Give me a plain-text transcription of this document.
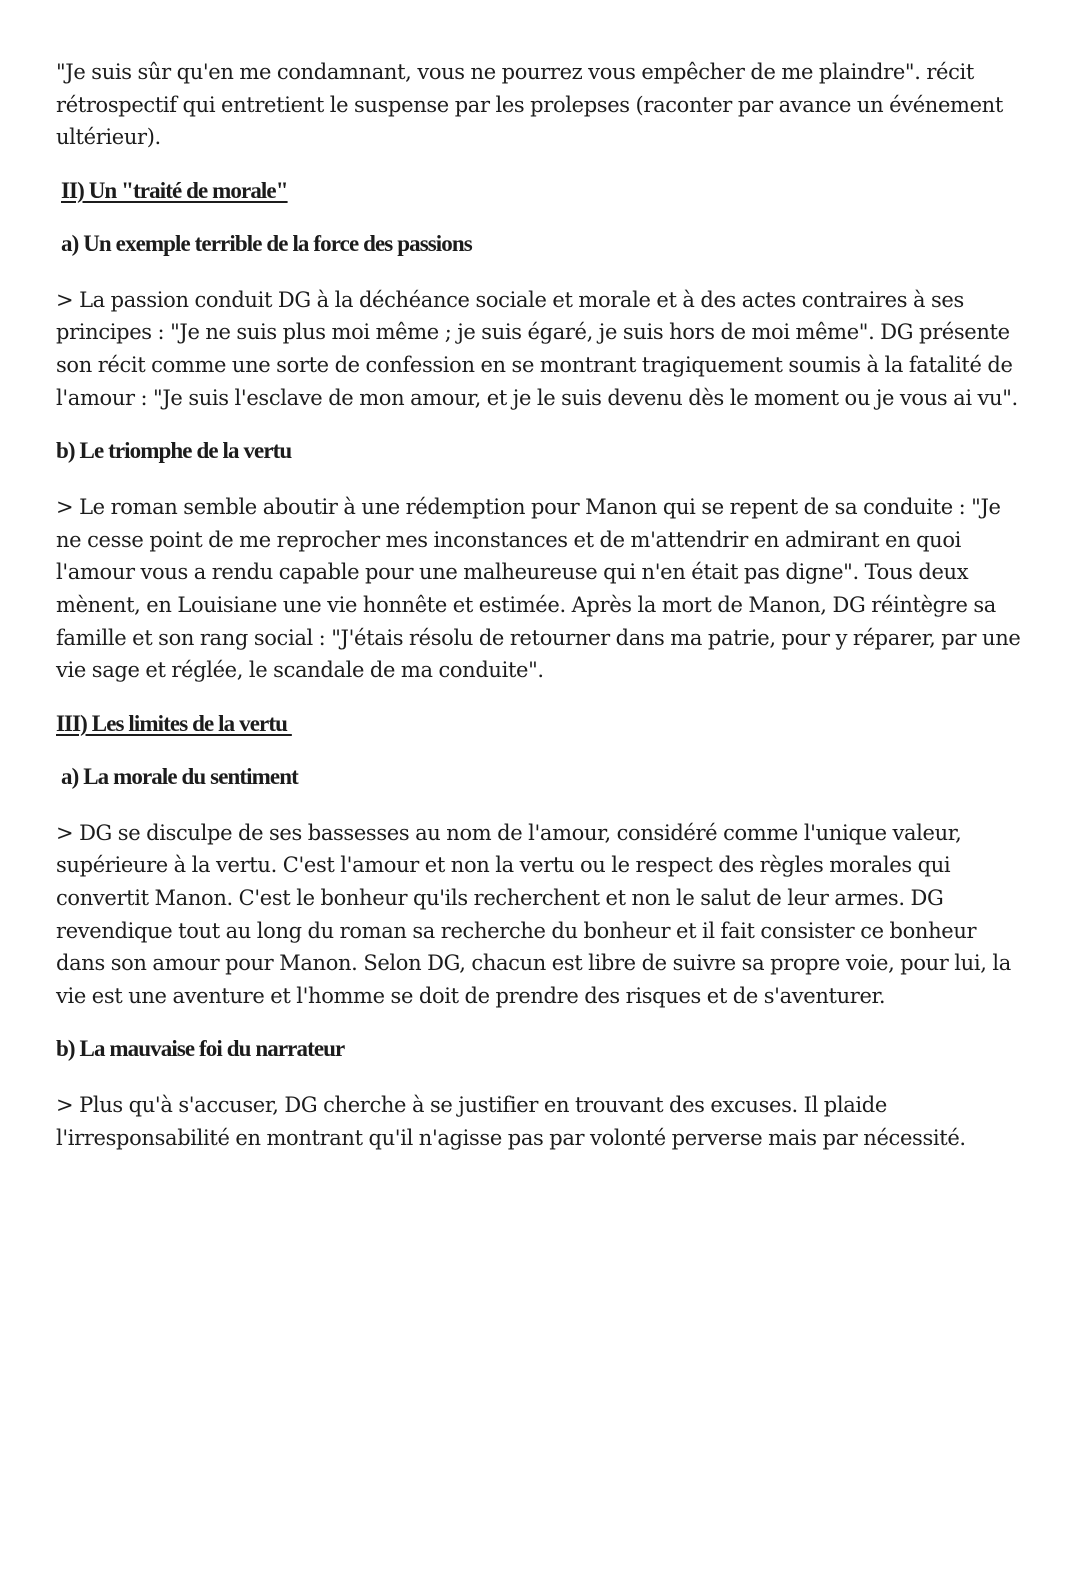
"Je suis sûr qu'en me condamnant, vous ne pourrez vous empêcher de me plaindre". récit
rétrospectif qui entretient le suspense par les prolepses (raconter par avance un événement
ultérieur).

II) Un "traité de morale"
a) Un exemple terrible de la force des passions

> La passion conduit DG à la déchéance sociale et morale et à des actes contraires à ses
principes : "Je ne suis plus moi même ; je suis égaré, je suis hors de moi même". DG présente
son récit comme une sorte de confession en se montrant tragiquement soumis à la fatalité de
l'amour : "Je suis l'esclave de mon amour, et je le suis devenu dès le moment ou je vous ai vu".

b) Le triomphe de la vertu

> Le roman semble aboutir à une rédemption pour Manon qui se repent de sa conduite : "Je
ne cesse point de me reprocher mes inconstances et de m'attendrir en admirant en quoi
l'amour vous a rendu capable pour une malheureuse qui n'en était pas digne". Tous deux
mènent, en Louisiane une vie honnête et estimée. Après la mort de Manon, DG réintègre sa
famille et son rang social : "J'étais résolu de retourner dans ma patrie, pour y réparer, par une
vie sage et réglée, le scandale de ma conduite".

III) Les limites de la vertu
a) La morale du sentiment

> DG se disculpe de ses bassesses au nom de l'amour, considéré comme l'unique valeur,
supérieure à la vertu. C'est l'amour et non la vertu ou le respect des règles morales qui
convertit Manon. C'est le bonheur qu'ils recherchent et non le salut de leur armes. DG
revendique tout au long du roman sa recherche du bonheur et il fait consister ce bonheur
dans son amour pour Manon. Selon DG, chacun est libre de suivre sa propre voie, pour lui, la
vie est une aventure et l'homme se doit de prendre des risques et de s'aventurer.

b) La mauvaise foi du narrateur

> Plus qu'à s'accuser, DG cherche à se justifier en trouvant des excuses. Il plaide
l'irresponsabilité en montrant qu'il n'agisse pas par volonté perverse mais par nécessité.
